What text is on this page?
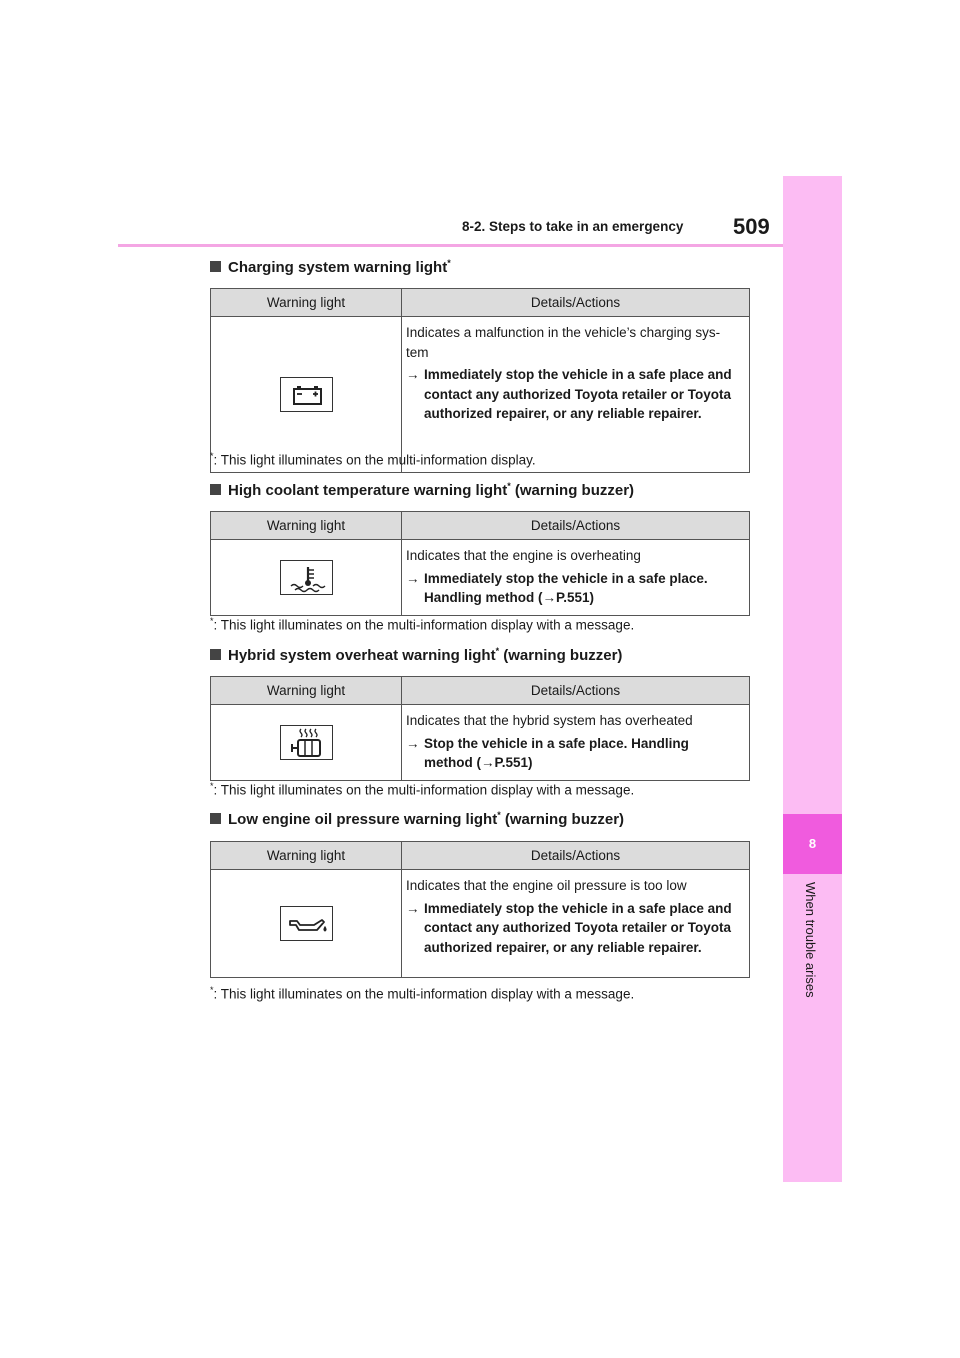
8-2. Steps to take in an emergency 509
8
When trouble arises
Charging system warning light*
Warning light	Details/Actions

Indicates a malfunction in the vehicle’s charging sys-tem
→ Immediately stop the vehicle in a safe place and contact any authorized Toyota retailer or Toyota authorized repairer, or any reliable repairer.
*: This light illuminates on the multi-information display.
High coolant temperature warning light* (warning buzzer)
Warning light	Details/Actions

Indicates that the engine is overheating
→ Immediately stop the vehicle in a safe place. Handling method (→P.551)
*: This light illuminates on the multi-information display with a message.
Hybrid system overheat warning light* (warning buzzer)
Warning light	Details/Actions

Indicates that the hybrid system has overheated
→ Stop the vehicle in a safe place. Handling method (→P.551)
*: This light illuminates on the multi-information display with a message.
Low engine oil pressure warning light* (warning buzzer)
Warning light	Details/Actions

Indicates that the engine oil pressure is too low
→ Immediately stop the vehicle in a safe place and contact any authorized Toyota retailer or Toyota authorized repairer, or any reliable repairer.
*: This light illuminates on the multi-information display with a message.
